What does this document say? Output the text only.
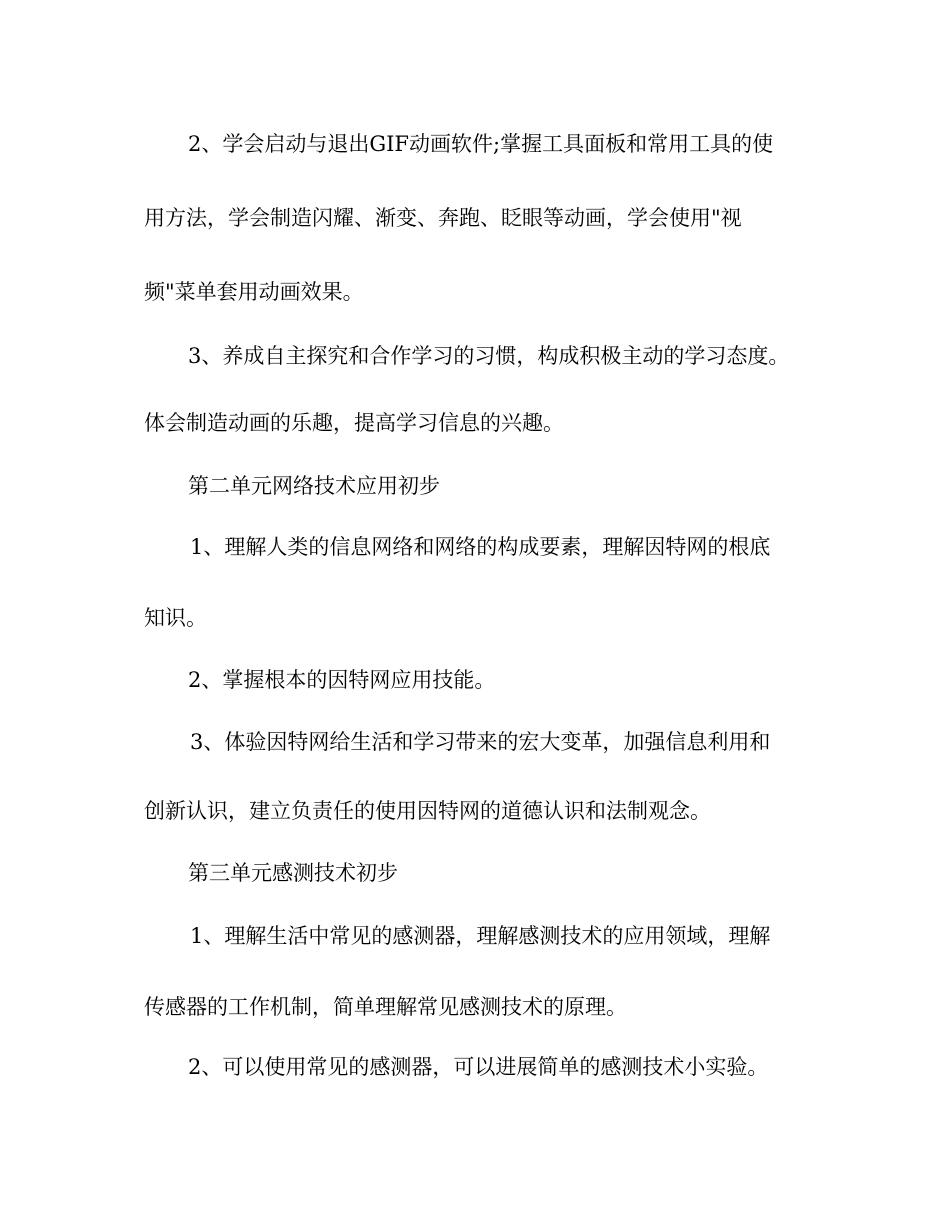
2、学会启动与退出GIF动画软件;掌握工具面板和常用工具的使
用方法，学会制造闪耀、渐变、奔跑、眨眼等动画，学会使用"视
频"菜单套用动画效果。
3、养成自主探究和合作学习的习惯，构成积极主动的学习态度。
体会制造动画的乐趣，提高学习信息的兴趣。
第二单元网络技术应用初步
1、理解人类的信息网络和网络的构成要素，理解因特网的根底
知识。
2、掌握根本的因特网应用技能。
3、体验因特网给生活和学习带来的宏大变革，加强信息利用和
创新认识，建立负责任的使用因特网的道德认识和法制观念。
第三单元感测技术初步
1、理解生活中常见的感测器，理解感测技术的应用领域，理解
传感器的工作机制，简单理解常见感测技术的原理。
2、可以使用常见的感测器，可以进展简单的感测技术小实验。
